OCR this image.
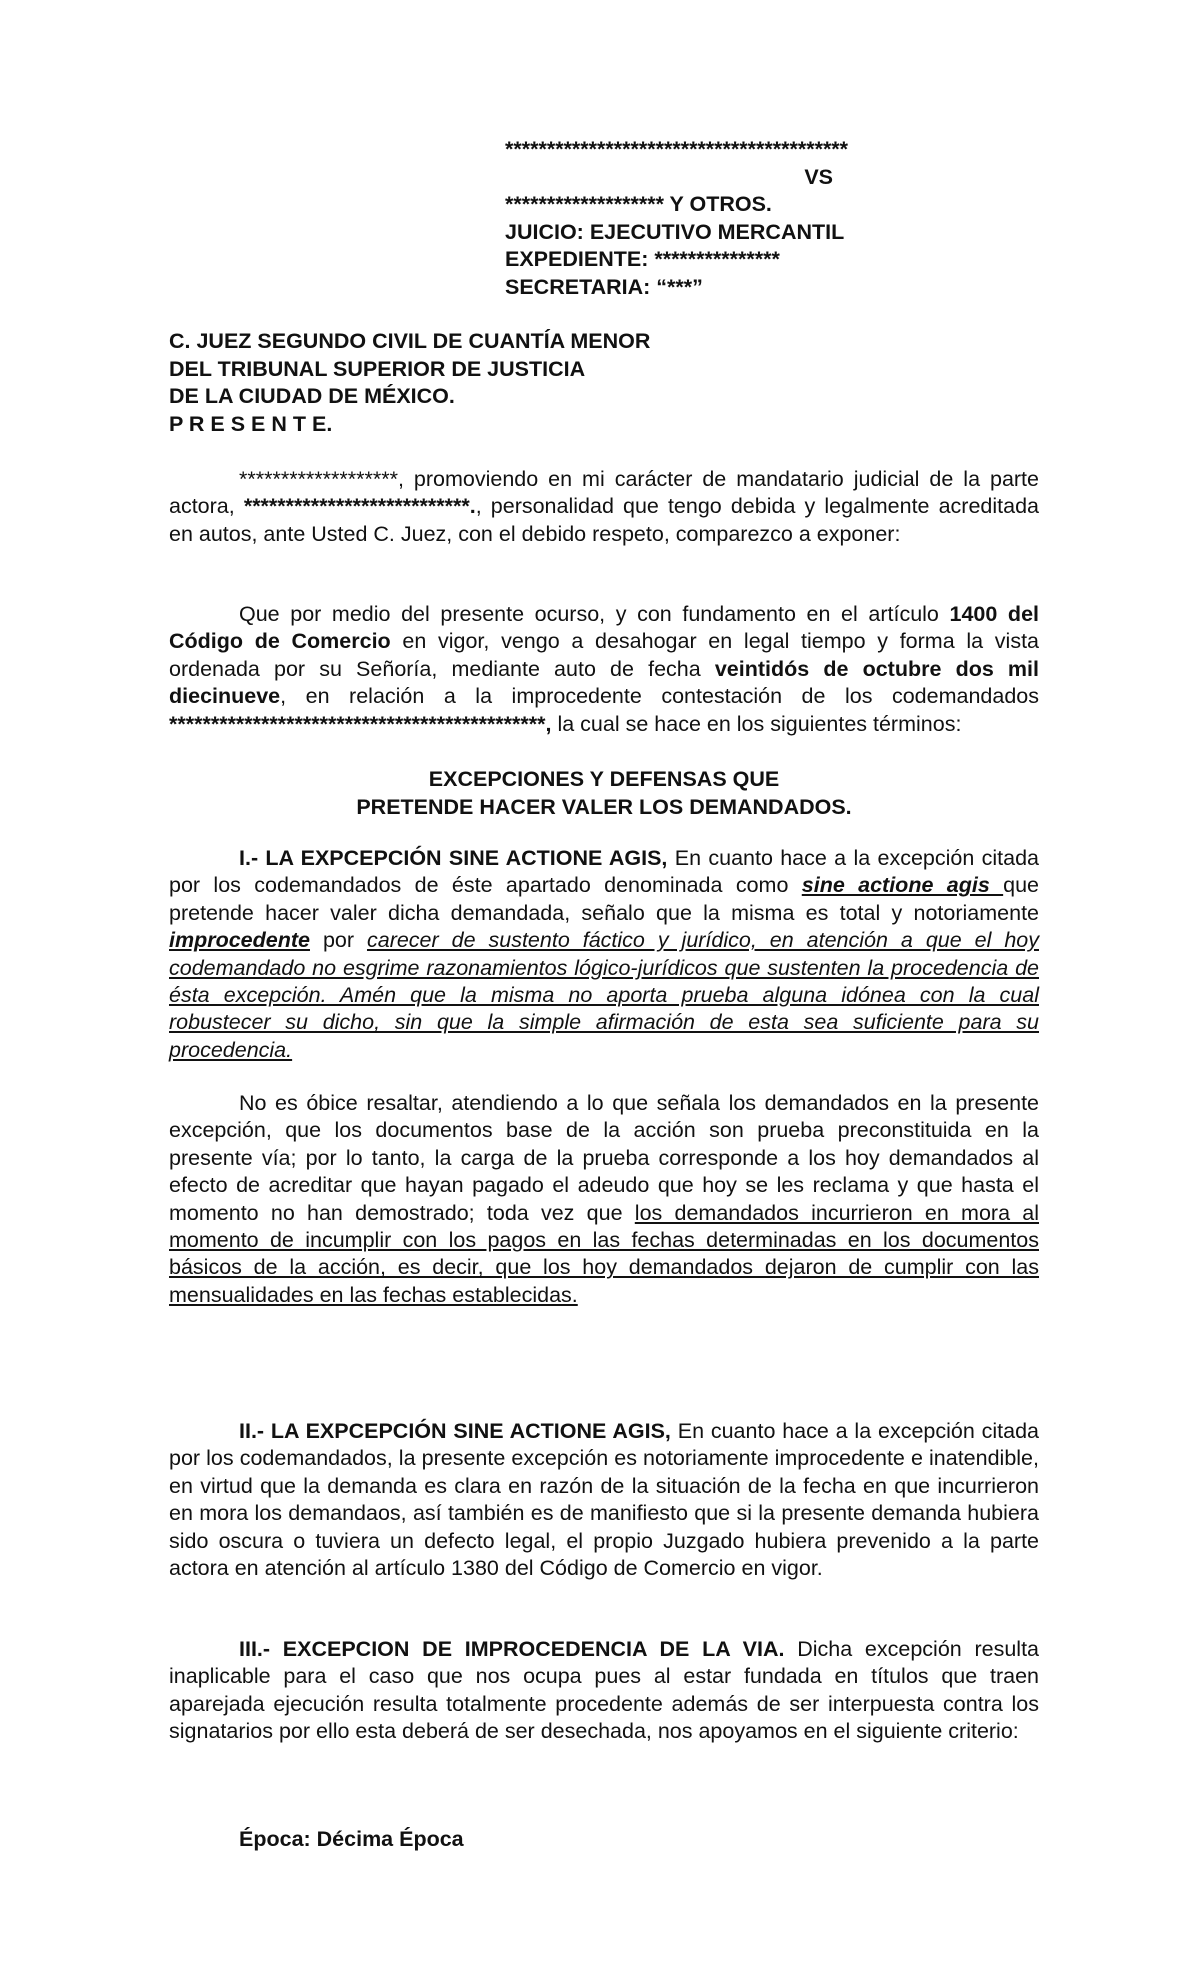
*****************************************
VS
******************* Y OTROS.
JUICIO: EJECUTIVO MERCANTIL
EXPEDIENTE: ***************
SECRETARIA: “***”
C. JUEZ SEGUNDO CIVIL DE CUANTÍA MENOR
DEL TRIBUNAL SUPERIOR DE JUSTICIA
DE LA CIUDAD DE MÉXICO.
P R E S E N T E.

*******************, promoviendo en mi carácter de mandatario judicial de la parte actora, ***************************., personalidad que tengo debida y legalmente acreditada en autos, ante Usted C. Juez, con el debido respeto, comparezco a exponer:

Que por medio del presente ocurso, y con fundamento en el artículo 1400 del Código de Comercio en vigor, vengo a desahogar en legal tiempo y forma la vista ordenada por su Señoría, mediante auto de fecha veintidós de octubre dos mil diecinueve, en relación a la improcedente contestación de los codemandados *********************************************, la cual se hace en los siguientes términos:

EXCEPCIONES Y DEFENSAS QUE
PRETENDE HACER VALER LOS DEMANDADOS.

I.- LA EXPCEPCIÓN SINE ACTIONE AGIS, En cuanto hace a la excepción citada por los codemandados de éste apartado denominada como sine actione agis que pretende hacer valer dicha demandada, señalo que la misma es total y notoriamente improcedente por carecer de sustento fáctico y jurídico, en atención a que el hoy codemandado no esgrime razonamientos lógico-jurídicos que sustenten la procedencia de ésta excepción. Amén que la misma no aporta prueba alguna idónea con la cual robustecer su dicho, sin que la simple afirmación de esta sea suficiente para su procedencia.

No es óbice resaltar, atendiendo a lo que señala los demandados en la presente excepción, que los documentos base de la acción son prueba preconstituida en la presente vía; por lo tanto, la carga de la prueba corresponde a los hoy demandados al efecto de acreditar que hayan pagado el adeudo que hoy se les reclama y que hasta el momento no han demostrado; toda vez que los demandados incurrieron en mora al momento de incumplir con los pagos en las fechas determinadas en los documentos básicos de la acción, es decir, que los hoy demandados dejaron de cumplir con las mensualidades en las fechas establecidas.

II.- LA EXPCEPCIÓN SINE ACTIONE AGIS, En cuanto hace a la excepción citada por los codemandados, la presente excepción es notoriamente improcedente e inatendible, en virtud que la demanda es clara en razón de la situación de la fecha en que incurrieron en mora los demandaos, así también es de manifiesto que si la presente demanda hubiera sido oscura o tuviera un defecto legal, el propio Juzgado hubiera prevenido a la parte actora en atención al artículo 1380 del Código de Comercio en vigor.

III.- EXCEPCION DE IMPROCEDENCIA DE LA VIA. Dicha excepción resulta inaplicable para el caso que nos ocupa pues al estar fundada en títulos que traen aparejada ejecución resulta totalmente procedente además de ser interpuesta contra los signatarios por ello esta deberá de ser desechada, nos apoyamos en el siguiente criterio:

Época: Décima Época
